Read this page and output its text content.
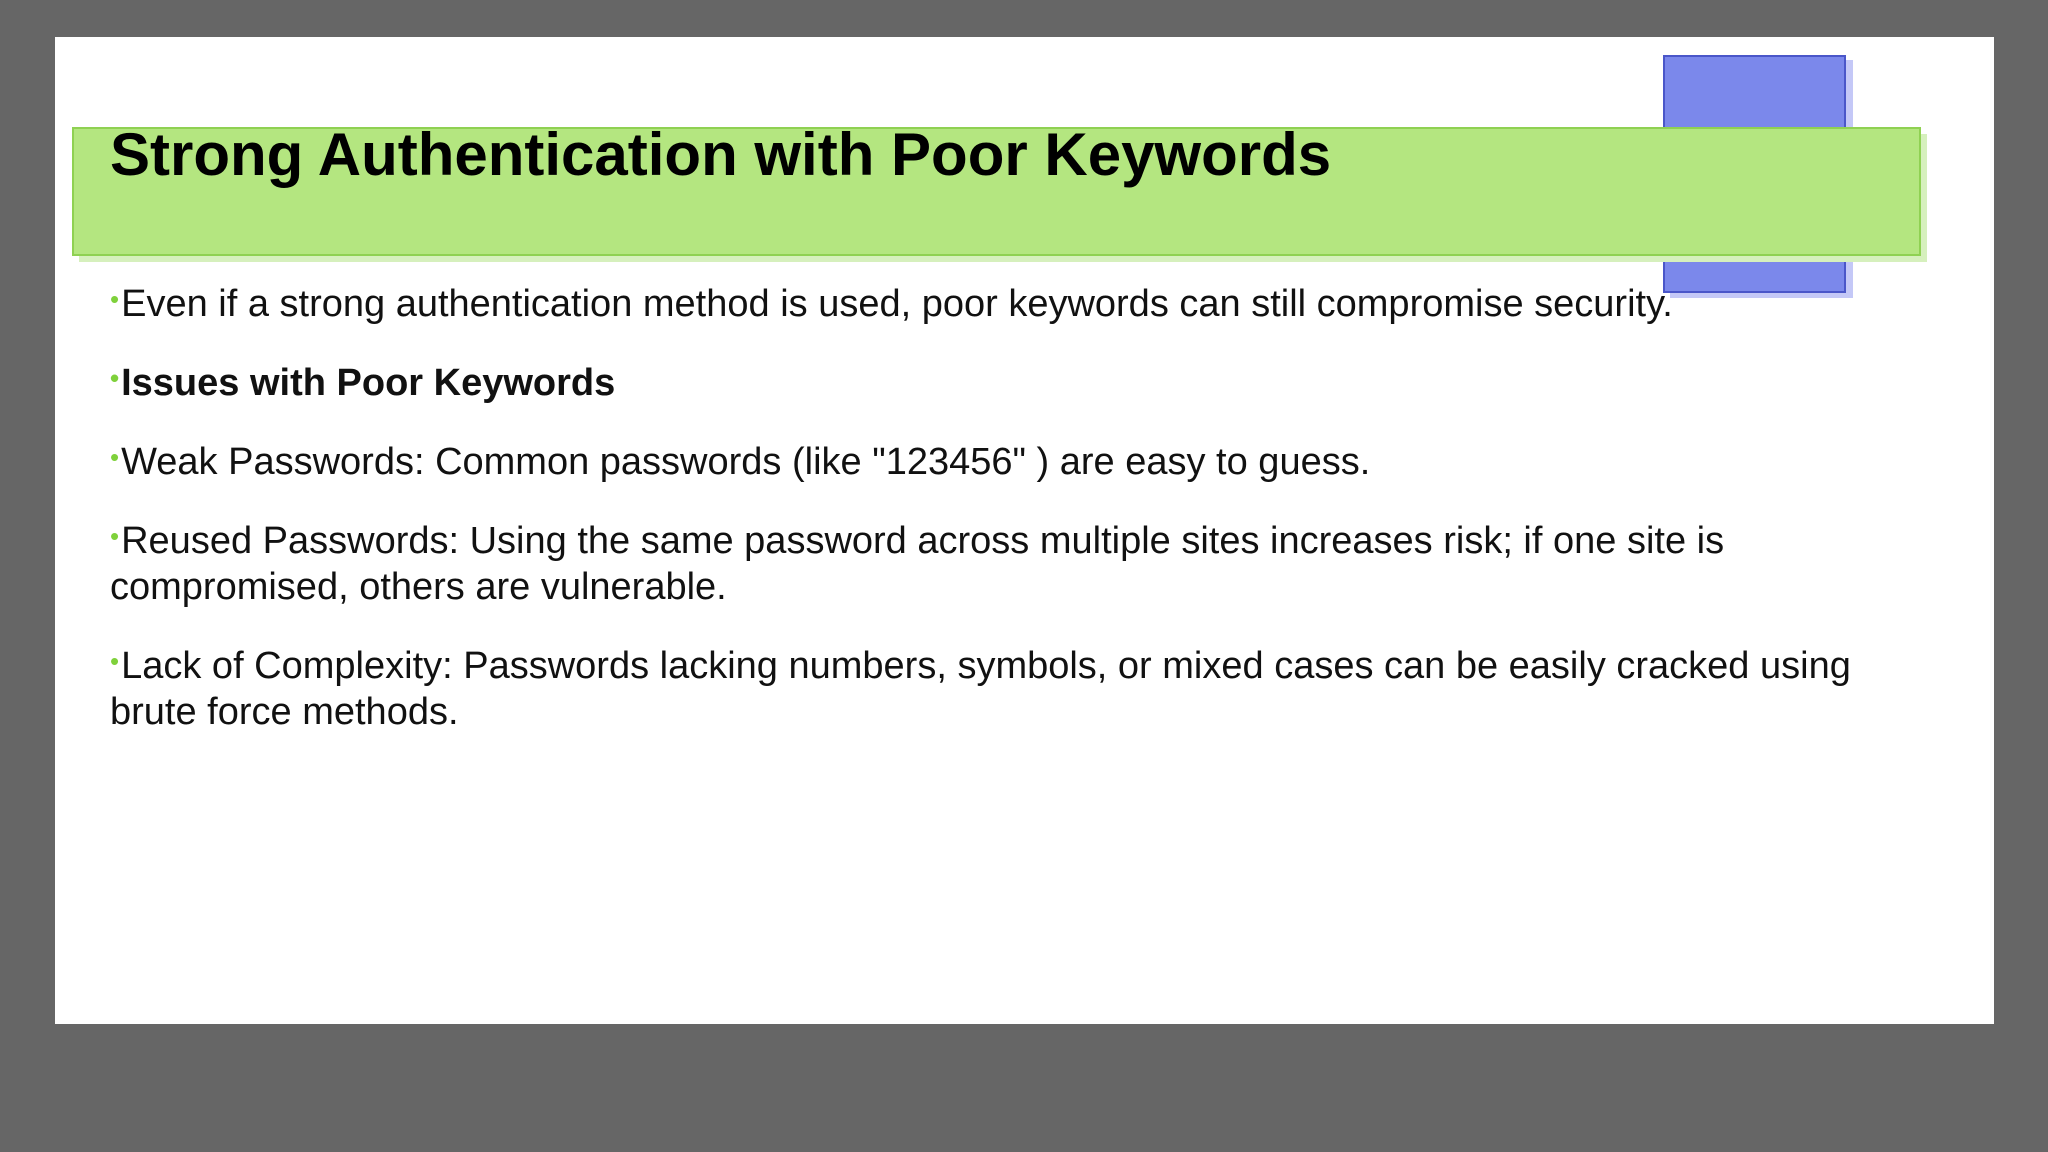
Strong Authentication with Poor Keywords

•Even if a strong authentication method is used, poor keywords can still compromise security.

•Issues with Poor Keywords

•Weak Passwords: Common passwords (like "123456" ) are easy to guess.

•Reused Passwords: Using the same password across multiple sites increases risk; if one site is compromised, others are vulnerable.

•Lack of Complexity: Passwords lacking numbers, symbols, or mixed cases can be easily cracked using brute force methods.
